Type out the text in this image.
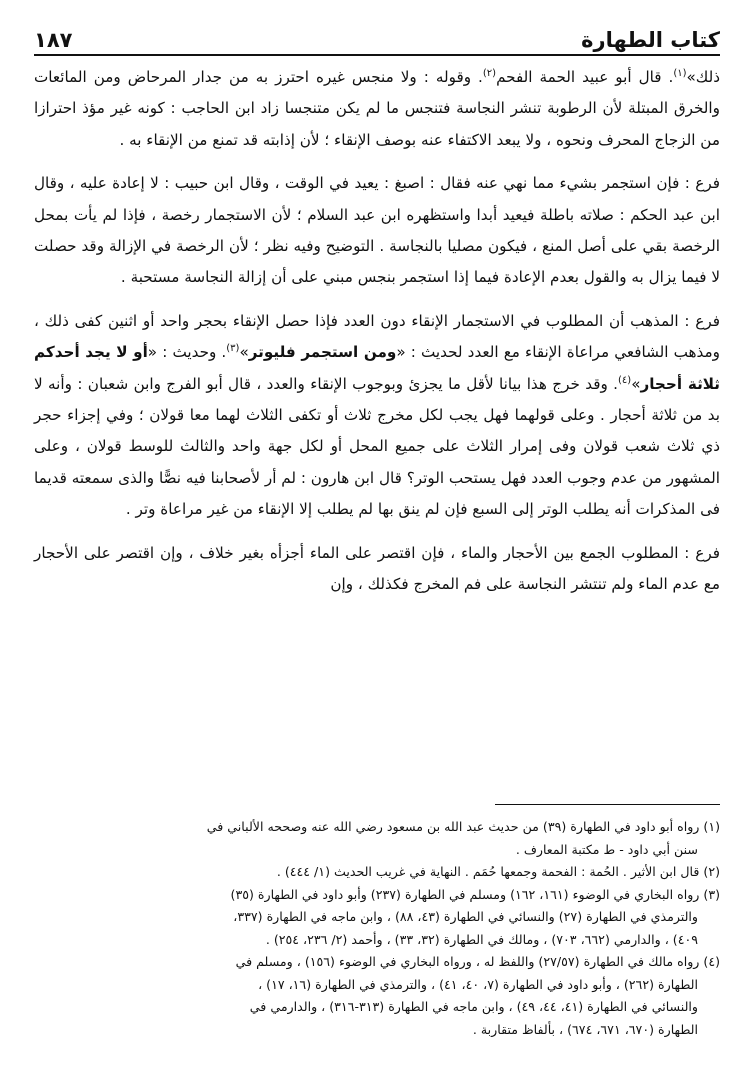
كتاب الطهارة
١٨٧

ذلك»$^{(١)}$. قال أبو عبيد الحمة الفحم$^{(٢)}$. وقوله : ولا منجس غيره احترز به من جدار المرحاض ومن المائعات والخرق المبتلة لأن الرطوبة تنشر النجاسة فتنجس ما لم يكن متنجسا زاد ابن الحاجب : كونه غير مؤذ احترازا من الزجاج المحرف ونحوه ، ولا يبعد الاكتفاء عنه بوصف الإنقاء ؛ لأن إذابته قد تمنع من الإنقاء به .

فرع : فإن استجمر بشيء مما نهي عنه فقال : اصبغ : يعيد في الوقت ، وقال ابن حبيب : لا إعادة عليه ، وقال ابن عبد الحكم : صلاته باطلة فيعيد أبدا واستظهره ابن عبد السلام ؛ لأن الاستجمار رخصة ، فإذا لم يأت بمحل الرخصة بقي على أصل المنع ، فيكون مصليا بالنجاسة . التوضيح وفيه نظر ؛ لأن الرخصة في الإزالة وقد حصلت لا فيما يزال به والقول بعدم الإعادة فيما إذا استجمر بنجس مبني على أن إزالة النجاسة مستحبة .

فرع : المذهب أن المطلوب في الاستجمار الإنقاء دون العدد فإذا حصل الإنقاء بحجر واحد أو اثنين كفى ذلك ، ومذهب الشافعي مراعاة الإنقاء مع العدد لحديث : «ومن استجمر فليوتر»$^{(٣)}$. وحديث : «أو لا يجد أحدكم ثلاثة أحجار»$^{(٤)}$. وقد خرج هذا بيانا لأقل ما يجزئ وبوجوب الإنقاء والعدد ، قال أبو الفرج وابن شعبان : وأنه لا بد من ثلاثة أحجار . وعلى قولهما فهل يجب لكل مخرج ثلاث أو تكفى الثلاث لهما معا قولان ؛ وفي إجزاء حجر ذي ثلاث شعب قولان وفى إمرار الثلاث على جميع المحل أو لكل جهة واحد والثالث للوسط قولان ، وعلى المشهور من عدم وجوب العدد فهل يستحب الوتر؟ قال ابن هارون : لم أر لأصحابنا فيه نصًّا والذى سمعته قديما فى المذكرات أنه يطلب الوتر إلى السبع فإن لم ينق بها لم يطلب إلا الإنقاء من غير مراعاة وتر .

فرع : المطلوب الجمع بين الأحجار والماء ، فإن اقتصر على الماء أجزأه بغير خلاف ، وإن اقتصر على الأحجار مع عدم الماء ولم تنتشر النجاسة على فم المخرج فكذلك ، وإن

(١)رواه أبو داود في الطهارة (٣٩) من حديث عبد الله بن مسعود رضي الله عنه وصححه الألباني في
سنن أبي داود - ط مكتبة المعارف .

(٢)قال ابن الأثير . الحُمة : الفحمة وجمعها حُمَم . النهاية في غريب الحديث (١/ ٤٤٤) .

(٣)رواه البخاري في الوضوء (١٦١، ١٦٢) ومسلم في الطهارة (٢٣٧) وأبو داود في الطهارة (٣٥)
والترمذي في الطهارة (٢٧) والنسائي في الطهارة (٤٣، ٨٨) ، وابن ماجه في الطهارة (٣٣٧،
٤٠٩) ، والدارمي (٦٦٢، ٧٠٣) ، ومالك في الطهارة (٣٢، ٣٣) ، وأحمد (٢/ ٢٣٦، ٢٥٤) .

(٤)رواه مالك في الطهارة (٢٧/٥٧) واللفظ له ، ورواه البخاري في الوضوء (١٥٦) ، ومسلم في
الطهارة (٢٦٢) ، وأبو داود في الطهارة (٧، ٤٠، ٤١) ، والترمذي في الطهارة (١٦، ١٧) ،
والنسائي في الطهارة (٤١، ٤٤، ٤٩) ، وابن ماجه في الطهارة (٣١٣-٣١٦) ، والدارمي في
الطهارة (٦٧٠، ٦٧١، ٦٧٤) ، بألفاظ متقاربة .
